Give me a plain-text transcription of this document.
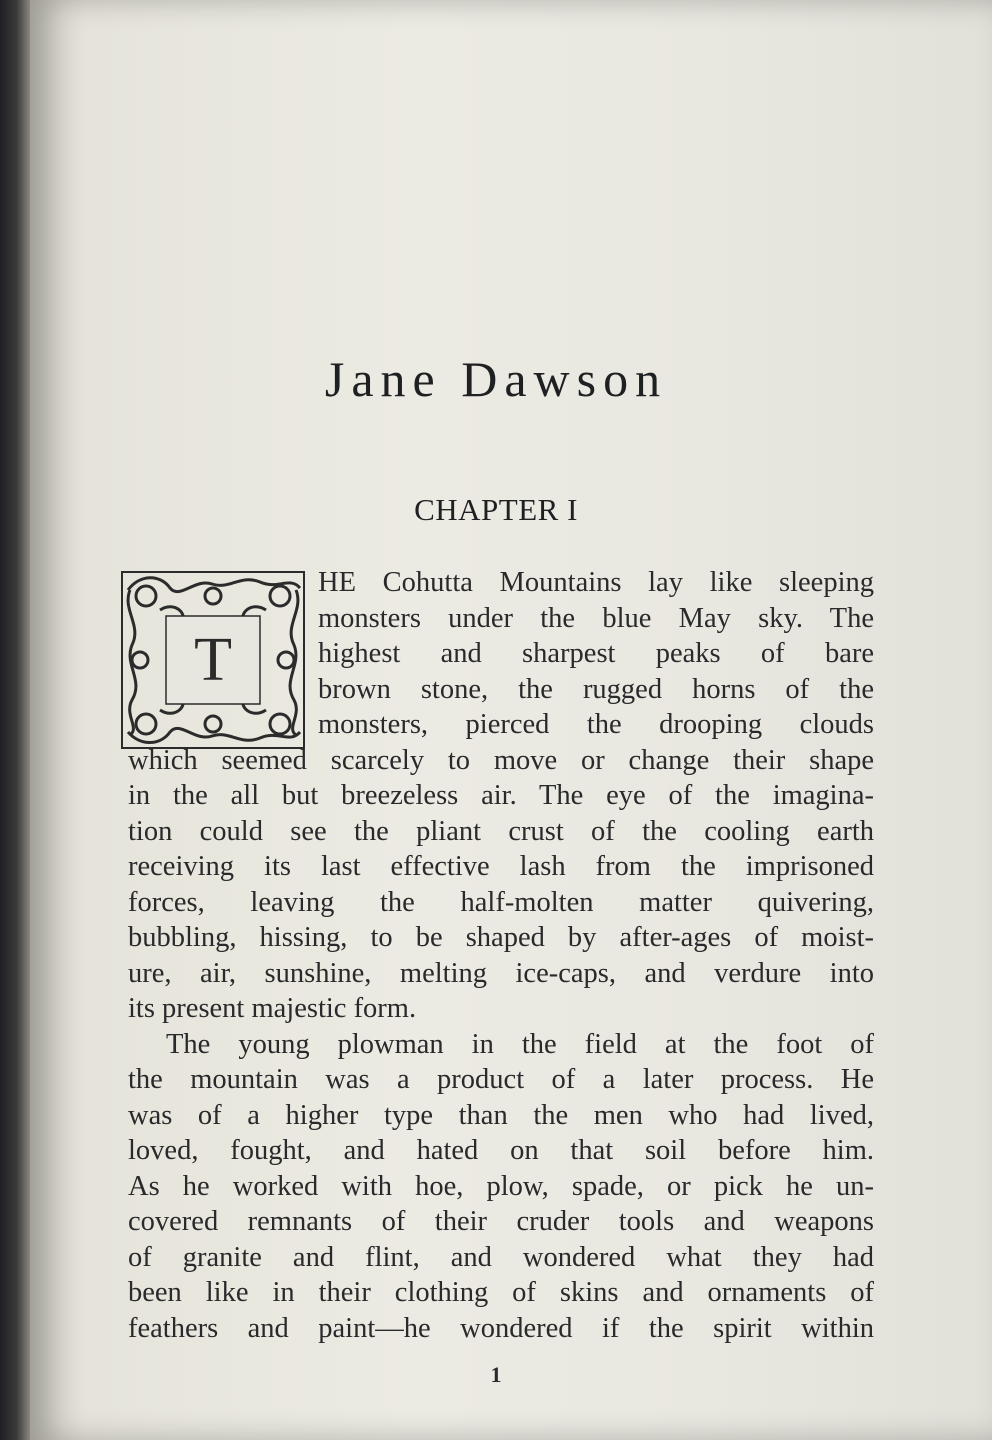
Jane Dawson
CHAPTER I
T
HE Cohutta Mountains lay like sleeping
monsters under the blue May sky. The
highest and sharpest peaks of bare
brown stone, the rugged horns of the
monsters, pierced the drooping clouds
which seemed scarcely to move or change their shape
in the all but breezeless air. The eye of the imagina-
tion could see the pliant crust of the cooling earth
receiving its last effective lash from the imprisoned
forces, leaving the half-molten matter quivering,
bubbling, hissing, to be shaped by after-ages of moist-
ure, air, sunshine, melting ice-caps, and verdure into
its present majestic form.
The young plowman in the field at the foot of
the mountain was a product of a later process. He
was of a higher type than the men who had lived,
loved, fought, and hated on that soil before him.
As he worked with hoe, plow, spade, or pick he un-
covered remnants of their cruder tools and weapons
of granite and flint, and wondered what they had
been like in their clothing of skins and ornaments of
feathers and paint—he wondered if the spirit within
1
